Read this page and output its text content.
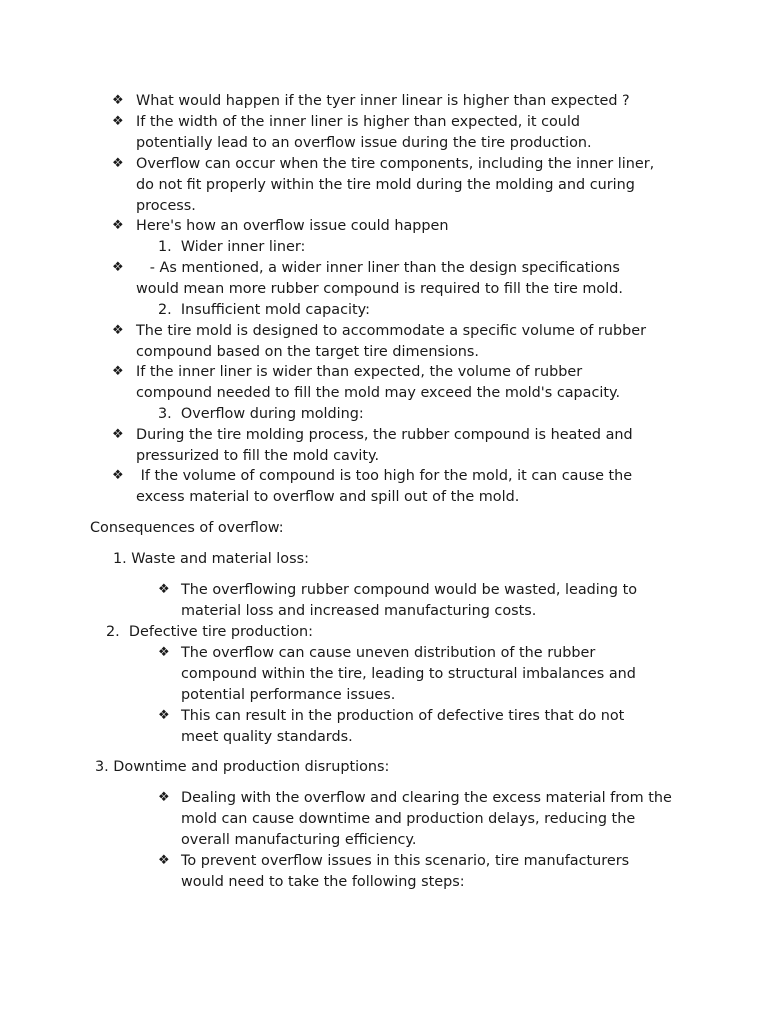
❖ What would happen if the tyer inner linear is higher than expected ?
❖ If the width of the inner liner is higher than expected, it could potentially lead to an overflow issue during the tire production.
❖ Overflow can occur when the tire components, including the inner liner, do not fit properly within the tire mold during the molding and curing process.
❖ Here's how an overflow issue could happen
1.  Wider inner liner:
❖ - As mentioned, a wider inner liner than the design specifications would mean more rubber compound is required to fill the tire mold.
2.  Insufficient mold capacity:
❖ The tire mold is designed to accommodate a specific volume of rubber compound based on the target tire dimensions.
❖ If the inner liner is wider than expected, the volume of rubber compound needed to fill the mold may exceed the mold's capacity.
3.  Overflow during molding:
❖ During the tire molding process, the rubber compound is heated and pressurized to fill the mold cavity.
❖ If the volume of compound is too high for the mold, it can cause the excess material to overflow and spill out of the mold.
Consequences of overflow:
1. Waste and material loss:
❖ The overflowing rubber compound would be wasted, leading to material loss and increased manufacturing costs.
2.  Defective tire production:
❖ The overflow can cause uneven distribution of the rubber compound within the tire, leading to structural imbalances and potential performance issues.
❖ This can result in the production of defective tires that do not meet quality standards.
3. Downtime and production disruptions:
❖ Dealing with the overflow and clearing the excess material from the mold can cause downtime and production delays, reducing the overall manufacturing efficiency.
❖ To prevent overflow issues in this scenario, tire manufacturers would need to take the following steps:
